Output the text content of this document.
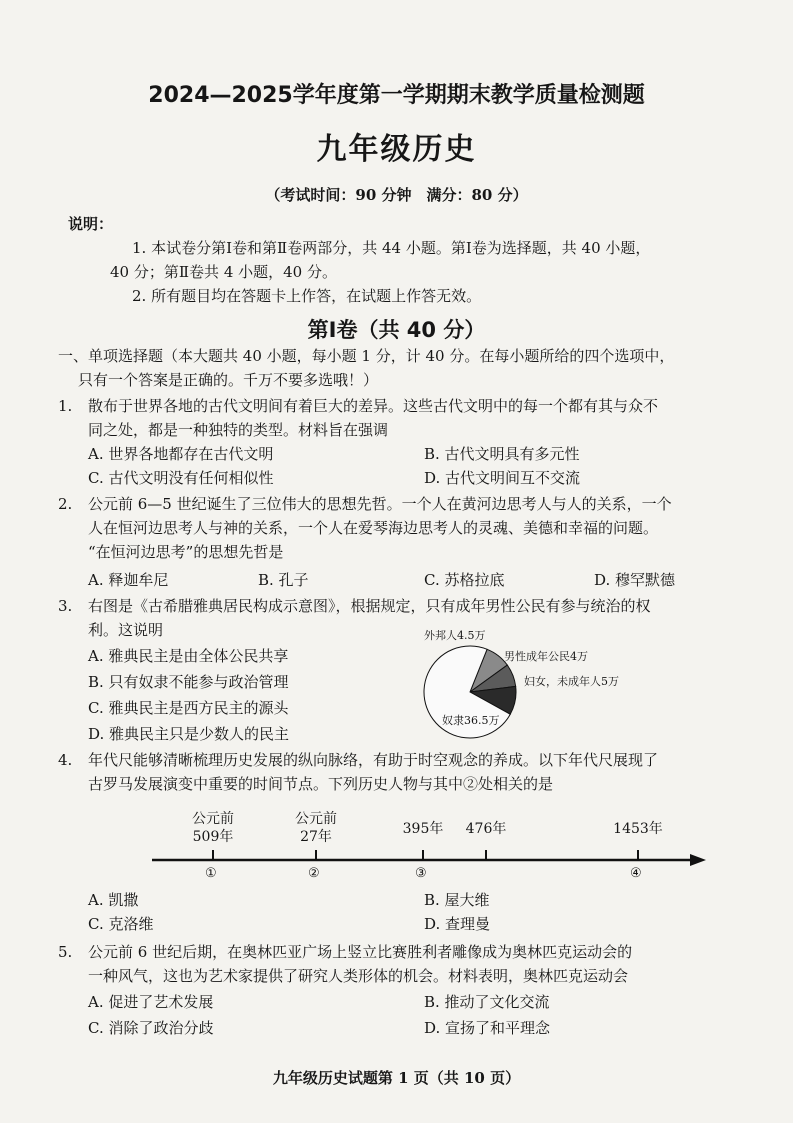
2024—2025学年度第一学期期末教学质量检测题
九年级历史
（考试时间：90 分钟　满分：80 分）
说明：
1. 本试卷分第Ⅰ卷和第Ⅱ卷两部分，共 44 小题。第Ⅰ卷为选择题，共 40 小题，
40 分；第Ⅱ卷共 4 小题，40 分。
2. 所有题目均在答题卡上作答，在试题上作答无效。
第Ⅰ卷（共 40 分）
一、单项选择题（本大题共 40 小题，每小题 1 分，计 40 分。在每小题所给的四个选项中，
只有一个答案是正确的。千万不要多选哦！）
1. 散布于世界各地的古代文明间有着巨大的差异。这些古代文明中的每一个都有其与众不
同之处，都是一种独特的类型。材料旨在强调
A. 世界各地都存在古代文明	B. 古代文明具有多元性
C. 古代文明没有任何相似性	D. 古代文明间互不交流
2. 公元前 6—5 世纪诞生了三位伟大的思想先哲。一个人在黄河边思考人与人的关系，一个
人在恒河边思考人与神的关系，一个人在爱琴海边思考人的灵魂、美德和幸福的问题。
“在恒河边思考”的思想先哲是
A. 释迦牟尼	B. 孔子	C. 苏格拉底	D. 穆罕默德
3. 右图是《古希腊雅典居民构成示意图》，根据规定，只有成年男性公民有参与统治的权
利。这说明
A. 雅典民主是由全体公民共享
B. 只有奴隶不能参与政治管理
C. 雅典民主是西方民主的源头
D. 雅典民主只是少数人的民主
外邦人4.5万
男性成年公民4万
妇女，未成年人5万
奴隶36.5万
4. 年代尺能够清晰梳理历史发展的纵向脉络，有助于时空观念的养成。以下年代尺展现了
古罗马发展演变中重要的时间节点。下列历史人物与其中②处相关的是
公元前
509年
公元前
27年	395年	476年	1453年
①	②	③	④
A. 凯撒	B. 屋大维
C. 克洛维	D. 查理曼
5. 公元前 6 世纪后期，在奥林匹亚广场上竖立比赛胜利者雕像成为奥林匹克运动会的
一种风气，这也为艺术家提供了研究人类形体的机会。材料表明，奥林匹克运动会
A. 促进了艺术发展	B. 推动了文化交流
C. 消除了政治分歧	D. 宣扬了和平理念
九年级历史试题第 1 页（共 10 页）
